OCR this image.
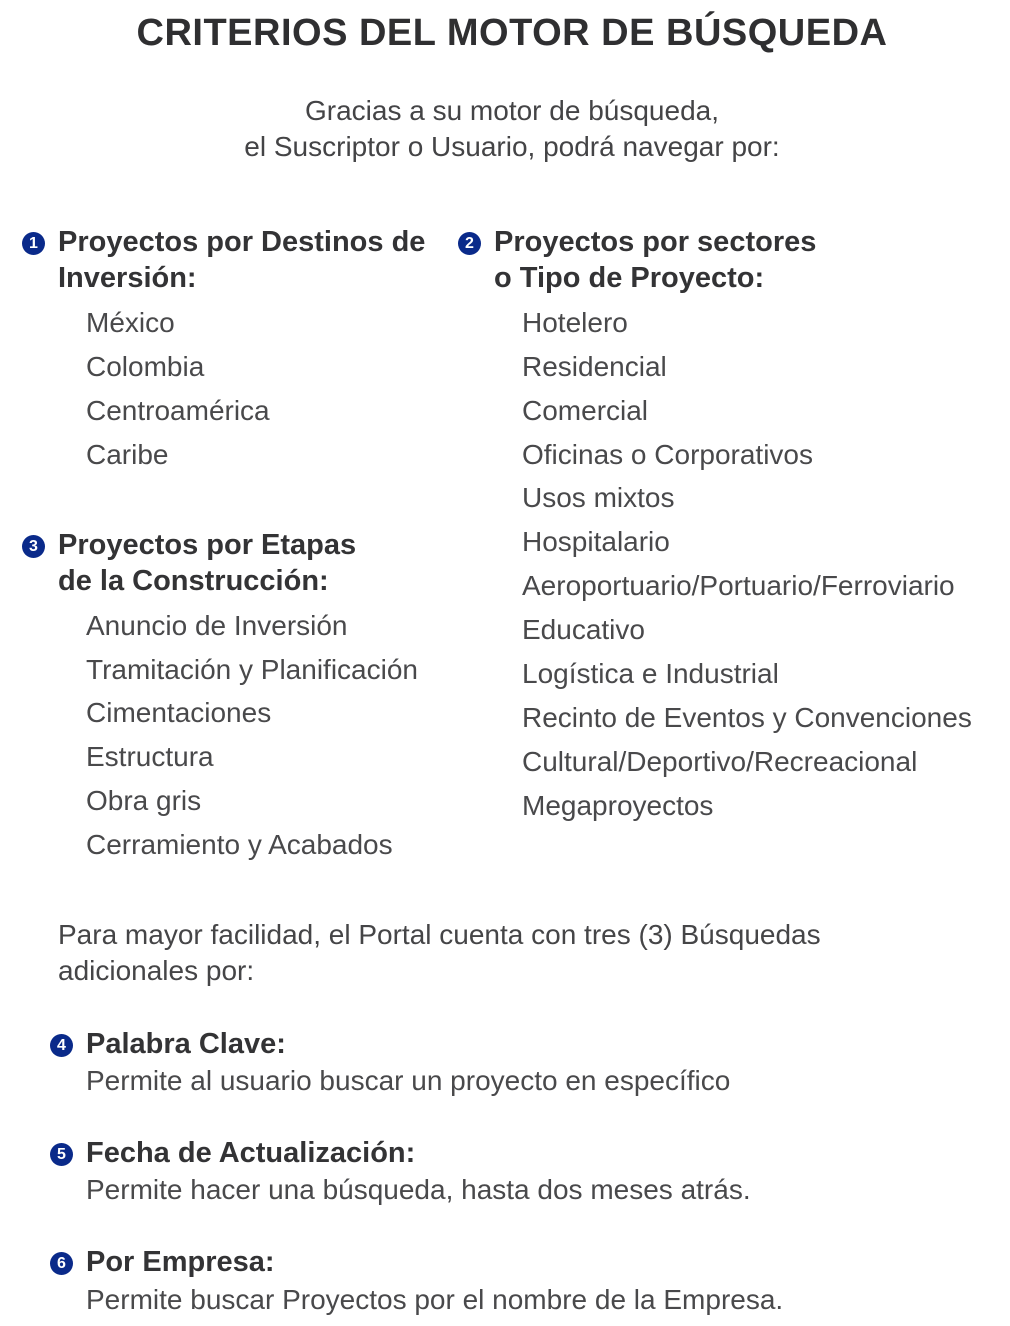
CRITERIOS DEL MOTOR DE BÚSQUEDA
Gracias a su motor de búsqueda,
el Suscriptor o Usuario, podrá navegar por:
1 Proyectos por Destinos de
Inversión:
México
Colombia
Centroamérica
Caribe
2 Proyectos por sectores
o Tipo de Proyecto:
Hotelero
Residencial
Comercial
Oficinas o Corporativos
Usos mixtos
Hospitalario
Aeroportuario/Portuario/Ferroviario
Educativo
Logística e Industrial
Recinto de Eventos y Convenciones
Cultural/Deportivo/Recreacional
Megaproyectos
3 Proyectos por Etapas
de la Construcción:
Anuncio de Inversión
Tramitación y Planificación
Cimentaciones
Estructura
Obra gris
Cerramiento y Acabados
Para mayor facilidad, el Portal cuenta con tres (3) Búsquedas
adicionales por:
4 Palabra Clave:
Permite al usuario buscar un proyecto en específico
5 Fecha de Actualización:
Permite hacer una búsqueda, hasta dos meses atrás.
6 Por Empresa:
Permite buscar Proyectos por el nombre de la Empresa.
